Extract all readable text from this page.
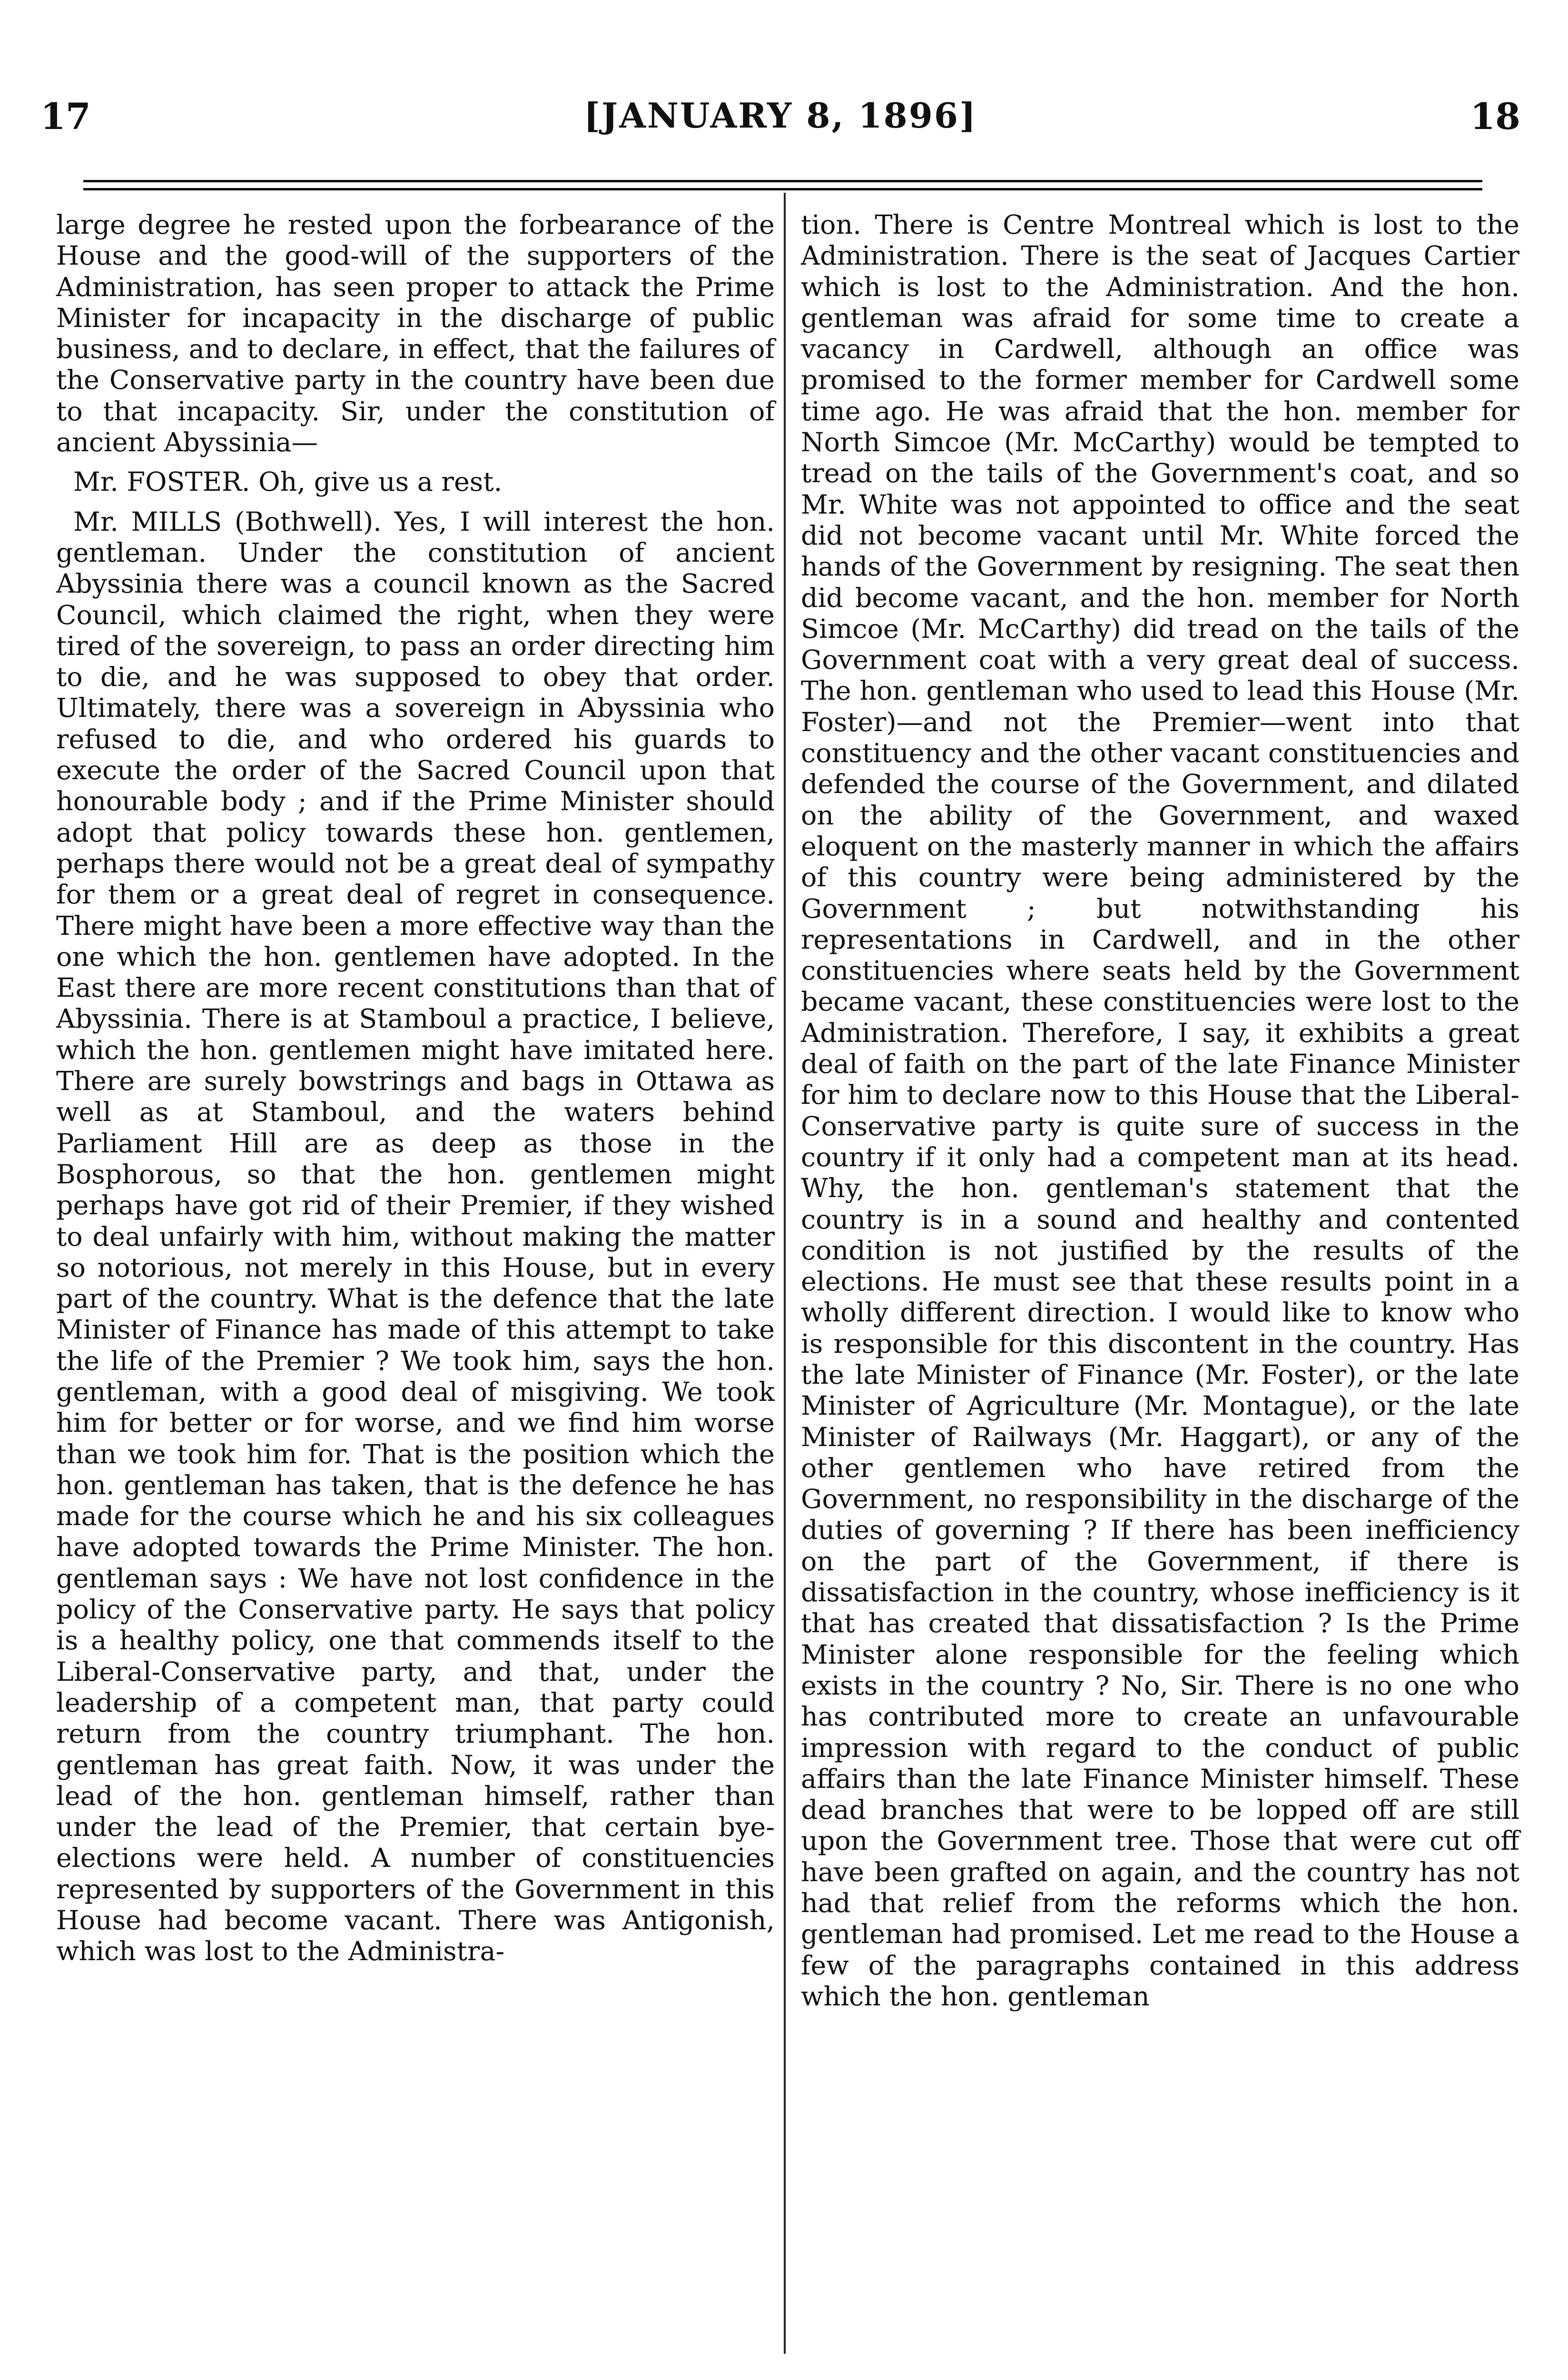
17	[JANUARY 8, 1896]	18

large degree he rested upon the forbearance of the House and the good-will of the supporters of the Administration, has seen proper to attack the Prime Minister for incapacity in the discharge of public business, and to declare, in effect, that the failures of the Conservative party in the country have been due to that incapacity. Sir, under the constitution of ancient Abyssinia—

Mr. FOSTER. Oh, give us a rest.

Mr. MILLS (Bothwell). Yes, I will interest the hon. gentleman. Under the constitution of ancient Abyssinia there was a council known as the Sacred Council, which claimed the right, when they were tired of the sovereign, to pass an order directing him to die, and he was supposed to obey that order. Ultimately, there was a sovereign in Abyssinia who refused to die, and who ordered his guards to execute the order of the Sacred Council upon that honourable body ; and if the Prime Minister should adopt that policy towards these hon. gentlemen, perhaps there would not be a great deal of sympathy for them or a great deal of regret in consequence. There might have been a more effective way than the one which the hon. gentlemen have adopted. In the East there are more recent constitutions than that of Abyssinia. There is at Stamboul a practice, I believe, which the hon. gentlemen might have imitated here. There are surely bowstrings and bags in Ottawa as well as at Stamboul, and the waters behind Parliament Hill are as deep as those in the Bosphorous, so that the hon. gentlemen might perhaps have got rid of their Premier, if they wished to deal unfairly with him, without making the matter so notorious, not merely in this House, but in every part of the country. What is the defence that the late Minister of Finance has made of this attempt to take the life of the Premier ? We took him, says the hon. gentleman, with a good deal of misgiving. We took him for better or for worse, and we find him worse than we took him for. That is the position which the hon. gentleman has taken, that is the defence he has made for the course which he and his six colleagues have adopted towards the Prime Minister. The hon. gentleman says : We have not lost confidence in the policy of the Conservative party. He says that policy is a healthy policy, one that commends itself to the Liberal-Conservative party, and that, under the leadership of a competent man, that party could return from the country triumphant. The hon. gentleman has great faith. Now, it was under the lead of the hon. gentleman himself, rather than under the lead of the Premier, that certain bye-elections were held. A number of constituencies represented by supporters of the Government in this House had become vacant. There was Antigonish, which was lost to the Administra-

tion. There is Centre Montreal which is lost to the Administration. There is the seat of Jacques Cartier which is lost to the Administration. And the hon. gentleman was afraid for some time to create a vacancy in Cardwell, although an office was promised to the former member for Cardwell some time ago. He was afraid that the hon. member for North Simcoe (Mr. McCarthy) would be tempted to tread on the tails of the Government's coat, and so Mr. White was not appointed to office and the seat did not become vacant until Mr. White forced the hands of the Government by resigning. The seat then did become vacant, and the hon. member for North Simcoe (Mr. McCarthy) did tread on the tails of the Government coat with a very great deal of success. The hon. gentleman who used to lead this House (Mr. Foster)—and not the Premier—went into that constituency and the other vacant constituencies and defended the course of the Government, and dilated on the ability of the Government, and waxed eloquent on the masterly manner in which the affairs of this country were being administered by the Government ; but notwithstanding his representations in Cardwell, and in the other constituencies where seats held by the Government became vacant, these constituencies were lost to the Administration. Therefore, I say, it exhibits a great deal of faith on the part of the late Finance Minister for him to declare now to this House that the Liberal-Conservative party is quite sure of success in the country if it only had a competent man at its head. Why, the hon. gentleman's statement that the country is in a sound and healthy and contented condition is not justified by the results of the elections. He must see that these results point in a wholly different direction. I would like to know who is responsible for this discontent in the country. Has the late Minister of Finance (Mr. Foster), or the late Minister of Agriculture (Mr. Montague), or the late Minister of Railways (Mr. Haggart), or any of the other gentlemen who have retired from the Government, no responsibility in the discharge of the duties of governing ? If there has been inefficiency on the part of the Government, if there is dissatisfaction in the country, whose inefficiency is it that has created that dissatisfaction ? Is the Prime Minister alone responsible for the feeling which exists in the country ? No, Sir. There is no one who has contributed more to create an unfavourable impression with regard to the conduct of public affairs than the late Finance Minister himself. These dead branches that were to be lopped off are still upon the Government tree. Those that were cut off have been grafted on again, and the country has not had that relief from the reforms which the hon. gentleman had promised. Let me read to the House a few of the paragraphs contained in this address which the hon. gentleman
